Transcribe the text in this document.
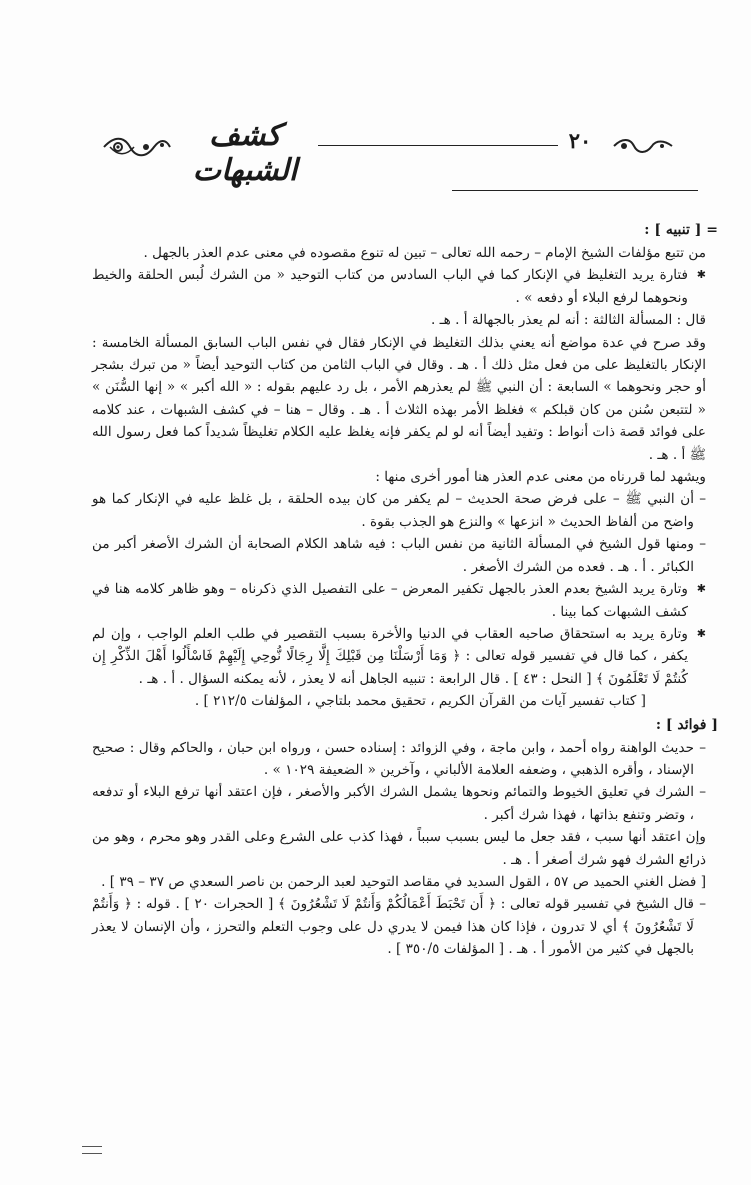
٢٠
كشف الشبهات

= [ تنبيه ] :

من تتبع مؤلفات الشيخ الإمام – رحمه الله تعالى – تبين له تنوع مقصوده في معنى عدم العذر بالجهل .

✱ فتارة يريد التغليظ في الإنكار كما في الباب السادس من كتاب التوحيد « من الشرك لُبس الحلقة والخيط ونحوهما لرفع البلاء أو دفعه » .

قال : المسألة الثالثة : أنه لم يعذر بالجهالة أ . هـ .

وقد صرح في عدة مواضع أنه يعني بذلك التغليظ في الإنكار فقال في نفس الباب السابق المسألة الخامسة : الإنكار بالتغليظ على من فعل مثل ذلك أ . هـ . وقال في الباب الثامن من كتاب التوحيد أيضاً « من تبرك بشجر أو حجر ونحوهما » السابعة : أن النبي ﷺ لم يعذرهم الأمر ، بل رد عليهم بقوله : « الله أكبر » « إنها السُّنَن » « لتتبعن سُنن من كان قبلكم » فغلظ الأمر بهذه الثلاث أ . هـ . وقال – هنا – في كشف الشبهات ، عند كلامه على فوائد قصة ذات أنواط : وتفيد أيضاً أنه لو لم يكفر فإنه يغلظ عليه الكلام تغليظاً شديداً كما فعل رسول الله ﷺ أ . هـ .

ويشهد لما قررناه من معنى عدم العذر هنا أمور أخرى منها :

– أن النبي ﷺ – على فرض صحة الحديث – لم يكفر من كان بيده الحلقة ، بل غلظ عليه في الإنكار كما هو واضح من ألفاظ الحديث « انزعها » والنزع هو الجذب بقوة .

– ومنها قول الشيخ في المسألة الثانية من نفس الباب : فيه شاهد الكلام الصحابة أن الشرك الأصغر أكبر من الكبائر . أ . هـ . فعده من الشرك الأصغر .

✱ وتارة يريد الشيخ بعدم العذر بالجهل تكفير المعرض – على التفصيل الذي ذكرناه – وهو ظاهر كلامه هنا في كشف الشبهات كما بينا .

✱ وتارة يريد به استحقاق صاحبه العقاب في الدنيا والأخرة بسبب التقصير في طلب العلم الواجب ، وإن لم يكفر ، كما قال في تفسير قوله تعالى : ﴿ وَمَا أَرْسَلْنَا مِن قَبْلِكَ إِلَّا رِجَالًا نُّوحِي إِلَيْهِمْ فَاسْأَلُوا أَهْلَ الذِّكْرِ إِن كُنتُمْ لَا تَعْلَمُونَ ﴾ [ النحل : ٤٣ ] . قال الرابعة : تنبيه الجاهل أنه لا يعذر ، لأنه يمكنه السؤال . أ . هـ .

[ كتاب تفسير آيات من القرآن الكريم ، تحقيق محمد بلتاجي ، المؤلفات ٢١٢/٥ ] .

[ فوائد ] :

– حديث الواهنة رواه أحمد ، وابن ماجة ، وفي الزوائد : إسناده حسن ، ورواه ابن حبان ، والحاكم وقال : صحيح الإسناد ، وأقره الذهبي ، وضعفه العلامة الألباني ، وآخرين « الضعيفة ١٠٢٩ » .

– الشرك في تعليق الخيوط والتمائم ونحوها يشمل الشرك الأكبر والأصغر ، فإن اعتقد أنها ترفع البلاء أو تدفعه ، وتضر وتنفع بذاتها ، فهذا شرك أكبر .

وإن اعتقد أنها سبب ، فقد جعل ما ليس بسبب سبباً ، فهذا كذب على الشرع وعلى القدر وهو محرم ، وهو من ذرائع الشرك فهو شرك أصغر أ . هـ .

[ فضل الغني الحميد ص ٥٧ ، القول السديد في مقاصد التوحيد لعبد الرحمن بن ناصر السعدي ص ٣٧ – ٣٩ ] .

– قال الشيخ في تفسير قوله تعالى : ﴿ أَن تَحْبَطَ أَعْمَالُكُمْ وَأَنتُمْ لَا تَشْعُرُونَ ﴾ [ الحجرات ٢٠ ] . قوله : ﴿ وَأَنتُمْ لَا تَشْعُرُونَ ﴾ أي لا تدرون ، فإذا كان هذا فيمن لا يدري دل على وجوب التعلم والتحرز ، وأن الإنسان لا يعذر بالجهل في كثير من الأمور أ . هـ . [ المؤلفات ٣٥٠/٥ ] .
